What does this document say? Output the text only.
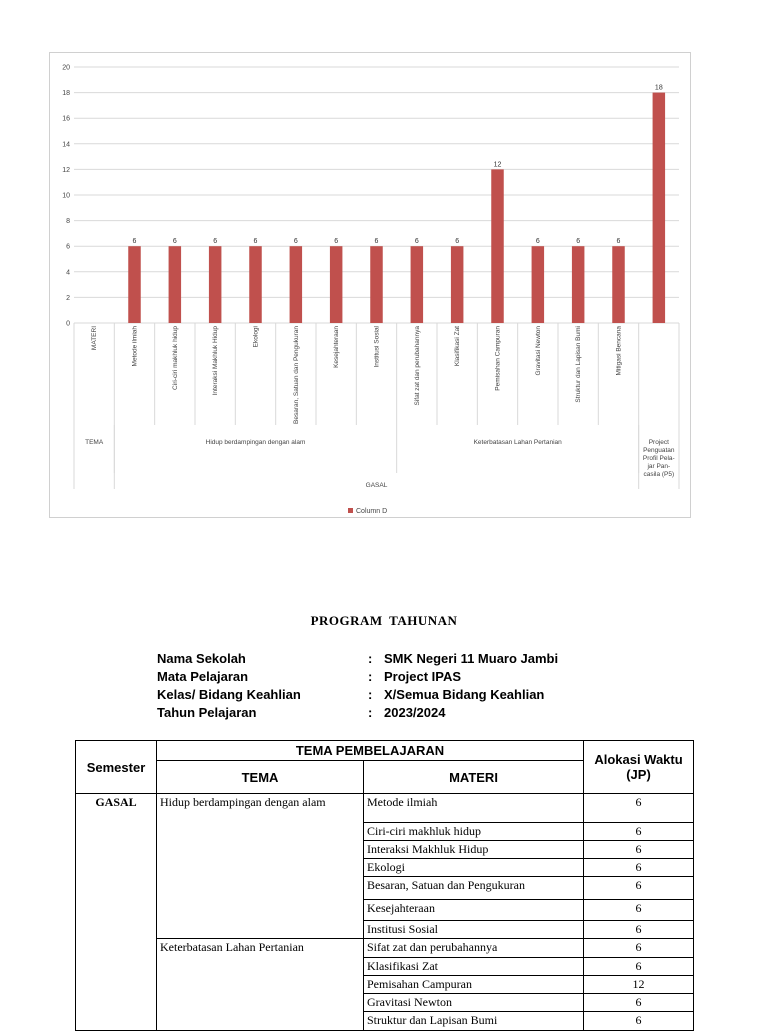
0
2
4
6
8
10
12
14
16
18
20
6	6	6	6	6	6	6	6	6
12
6	6	6
18
MATERI	Metode ilmiah	Ciri-ciri makhluk hidup	Interaksi Makhluk Hidup	Ekologi	Besaran, Satuan dan Pengukuran	Kesejahteraan	Institusi Sosial	Sifat zat dan perubahannya	Klasifikasi Zat	Pemisahan Campuran	Gravitasi Newton	Struktur dan Lapisan Bumi	Mitigasi Bencana
TEMA	Hidup berdampingan dengan alam	Keterbatasan Lahan Pertanian	Project
Penguatan
Profil Pela-
jar Pan-
casila (P5)
GASAL
Column D
PROGRAM TAHUNAN
Nama Sekolah	: SMK Negeri 11 Muaro Jambi
Mata Pelajaran	: Project IPAS
Kelas/ Bidang Keahlian	: X/Semua Bidang Keahlian
Tahun Pelajaran	: 2023/2024
Semester	TEMA PEMBELAJARAN		Alokasi Waktu
(JP)
	TEMA	MATERI	
GASAL	Hidup berdampingan dengan alam	Metode ilmiah	6
		Ciri-ciri makhluk hidup	6
		Interaksi Makhluk Hidup	6
		Ekologi	6
		Besaran, Satuan dan Pengukuran	6
		Kesejahteraan	6
		Institusi Sosial	6
	Keterbatasan Lahan Pertanian	Sifat zat dan perubahannya	6
		Klasifikasi Zat	6
		Pemisahan Campuran	12
		Gravitasi Newton	6
		Struktur dan Lapisan Bumi	6
